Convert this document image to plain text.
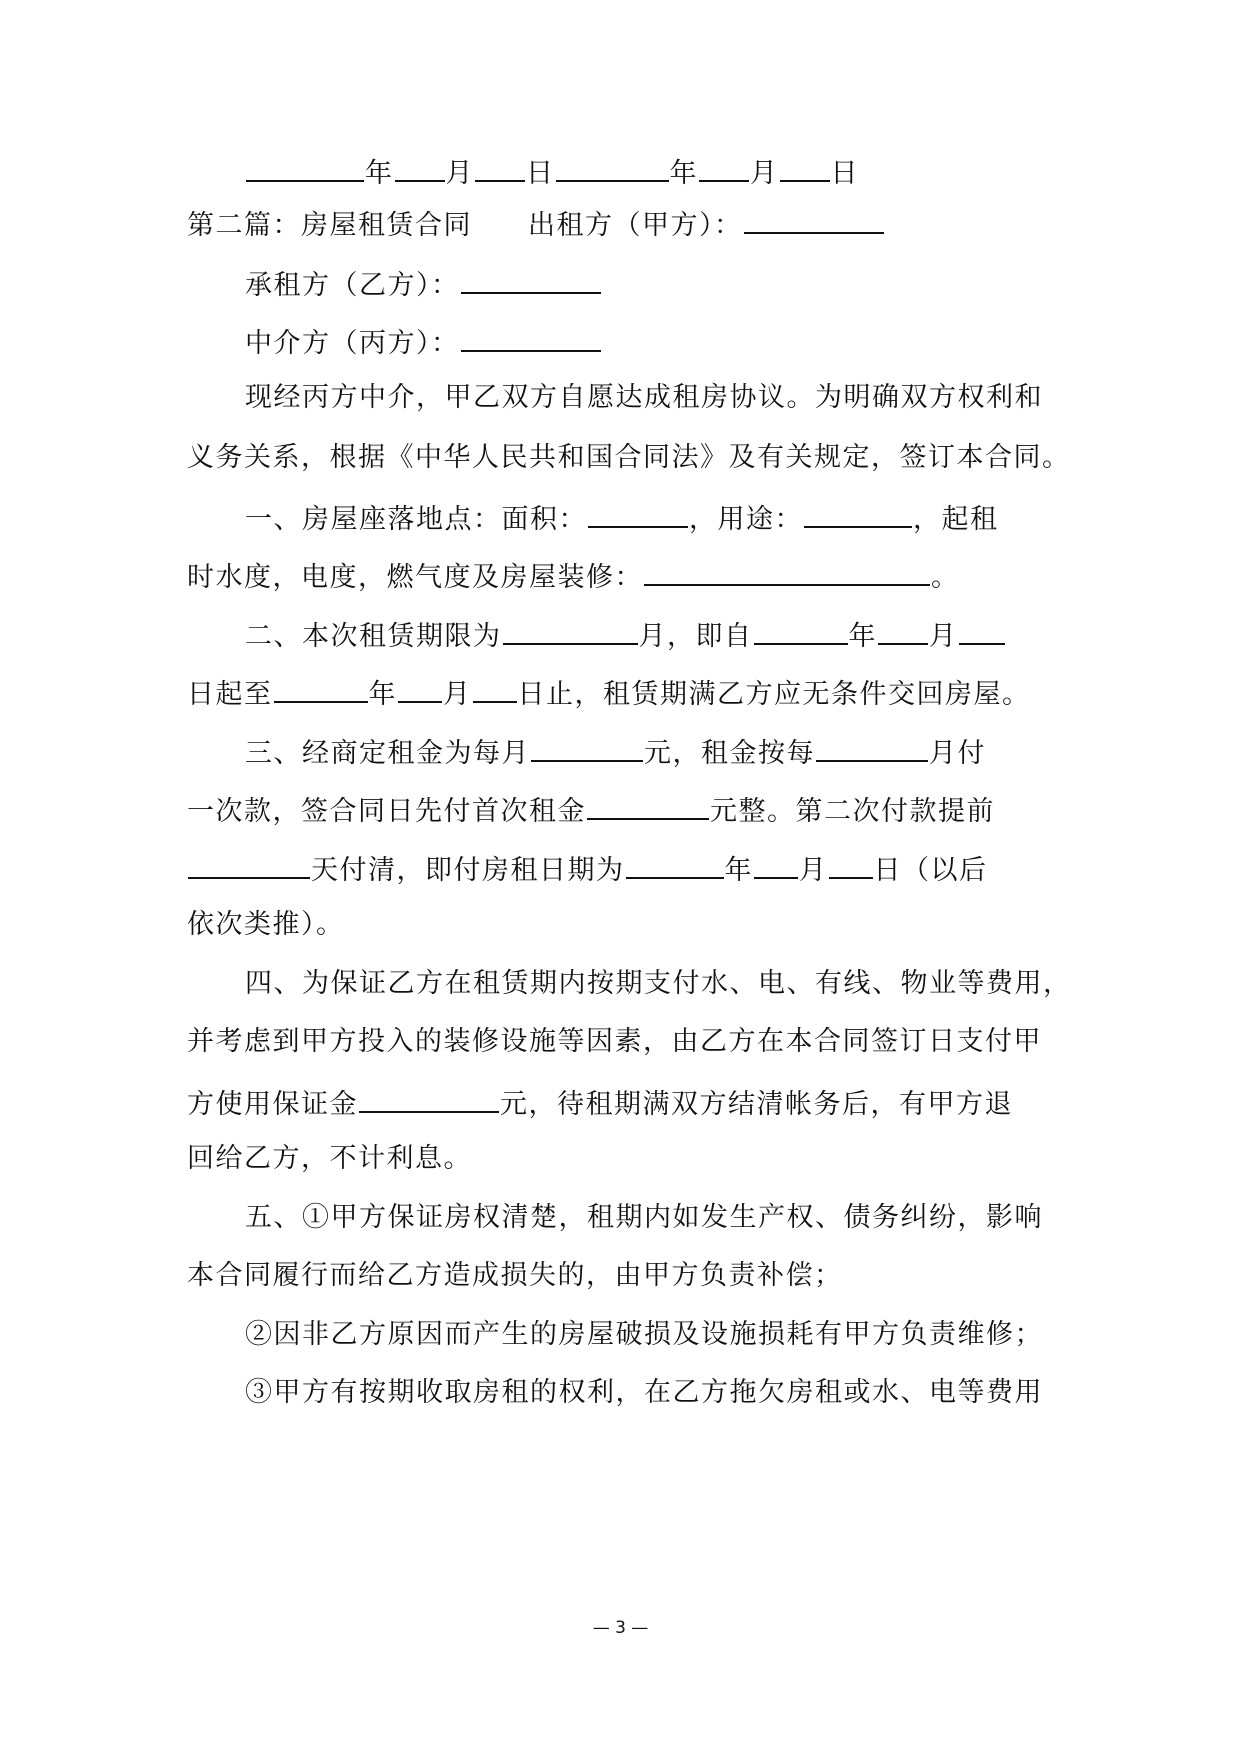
年 月 日	年 月 日
第二篇：房屋租赁合同 出租方（甲方）：
承租方（乙方）：
中介方（丙方）：
现经丙方中介，甲乙双方自愿达成租房协议。为明确双方权利和
义务关系，根据《中华人民共和国合同法》及有关规定，签订本合同。
一、房屋座落地点：面积：	，用途：	，起租
时水度，电度，燃气度及房屋装修：	。
二、本次租赁期限为	月，即自	年 月
日起至	年 月 日止，租赁期满乙方应无条件交回房屋。
三、经商定租金为每月	元，租金按每	月付
一次款，签合同日先付首次租金	元整。第二次付款提前
天付清，即付房租日期为	年 月 日（以后
依次类推）。
四、为保证乙方在租赁期内按期支付水、电、有线、物业等费用，
并考虑到甲方投入的装修设施等因素，由乙方在本合同签订日支付甲
方使用保证金	元，待租期满双方结清帐务后，有甲方退
回给乙方，不计利息。
五、①甲方保证房权清楚，租期内如发生产权、债务纠纷，影响
本合同履行而给乙方造成损失的，由甲方负责补偿；
②因非乙方原因而产生的房屋破损及设施损耗有甲方负责维修；
③甲方有按期收取房租的权利，在乙方拖欠房租或水、电等费用
— 3 —
